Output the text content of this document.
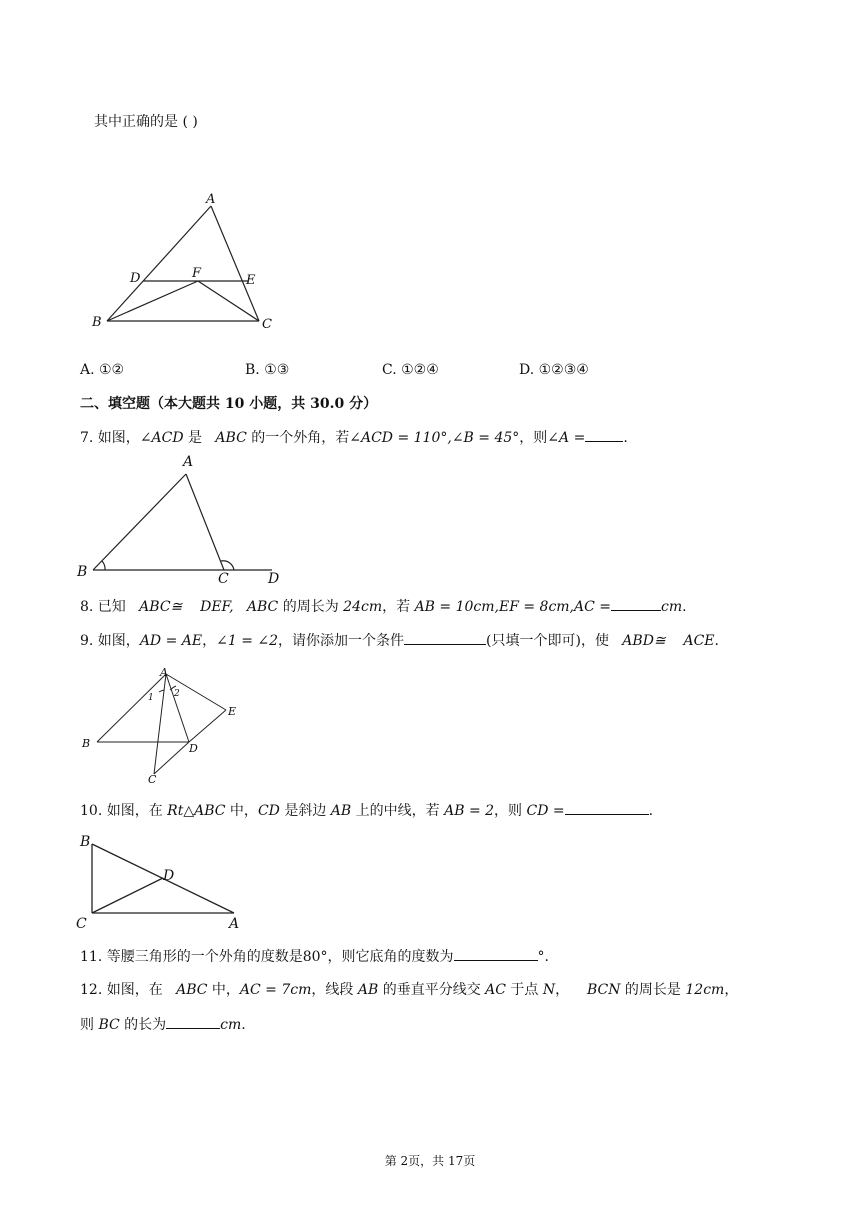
其中正确的是 ( )
A
B	C
D	E
F
A. ①②	B. ①③	C. ①②④	D. ①②③④
二、填空题（本大题共 10 小题，共 30.0 分）
7. 如图，∠ACD 是   ABC 的一个外角，若∠ACD = 110°,∠B = 45°，则∠A =	.
A
B	C	D
8. 已知   ABC≅ DEF, ABC 的周长为 24cm，若 AB = 10cm,EF = 8cm,AC =	cm.
9. 如图，AD = AE，∠1 = ∠2，请你添加一个条件	(只填一个即可)，使   ABD≅ ACE.
A
B
C
D
E
1 2
10. 如图，在 Rt△ABC 中，CD 是斜边 AB 上的中线，若 AB = 2，则 CD =	.
B
C
D
A
11. 等腰三角形的一个外角的度数是80°，则它底角的度数为	°.
12. 如图，在   ABC 中，AC = 7cm，线段 AB 的垂直平分线交 AC 于点 N， BCN 的周长是 12cm，
则 BC 的长为	cm.
第 2页，共 17页
